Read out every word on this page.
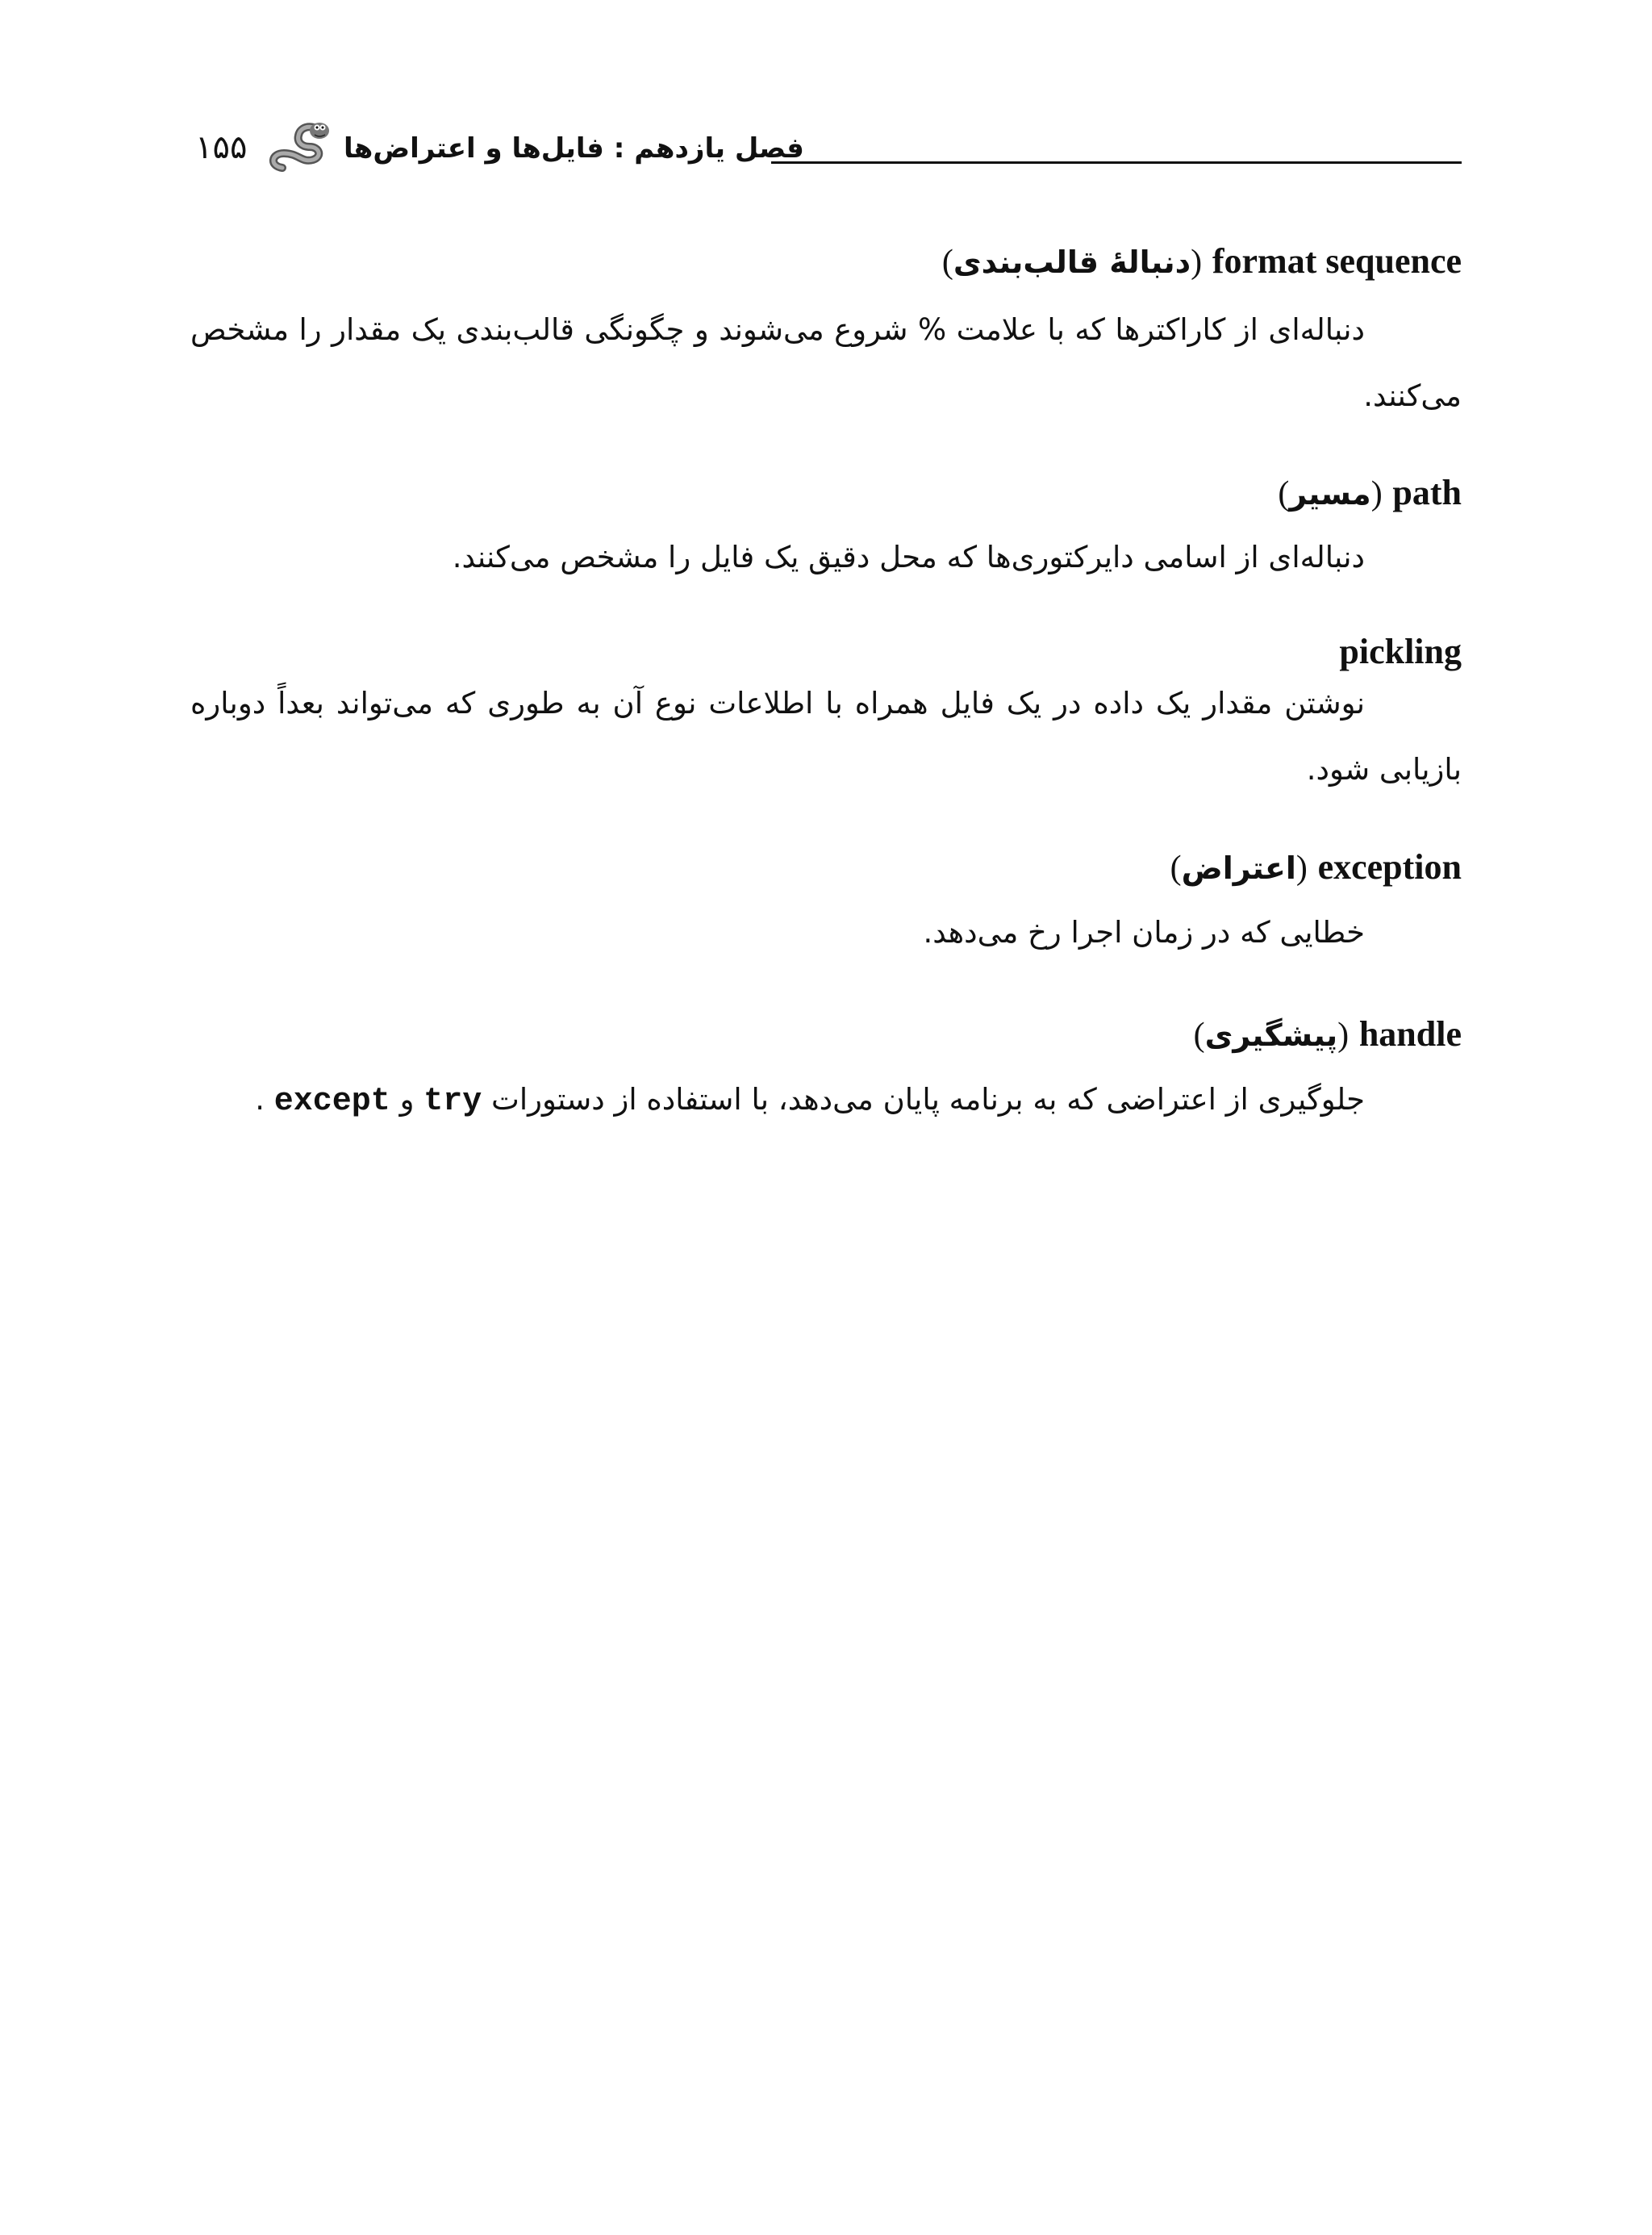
۱۵۵	فصل یازدهم : فایل‌ها و اعتراض‌ها
format sequence (دنبالهٔ قالب‌بندی)
دنباله‌ای از کاراکترها که با علامت % شروع می‌شوند و چگونگی قالب‌بندی یک مقدار را مشخص می‌کنند.
path (مسیر)
دنباله‌ای از اسامی دایرکتوری‌ها که محل دقیق یک فایل را مشخص می‌کنند.
pickling
نوشتن مقدار یک داده در یک فایل همراه با اطلاعات نوع آن به طوری که می‌تواند بعداً دوباره بازیابی شود.
exception (اعتراض)
خطایی که در زمان اجرا رخ می‌دهد.
handle (پیشگیری)
جلوگیری از اعتراضی که به برنامه پایان می‌دهد، با استفاده از دستورات try و except .
